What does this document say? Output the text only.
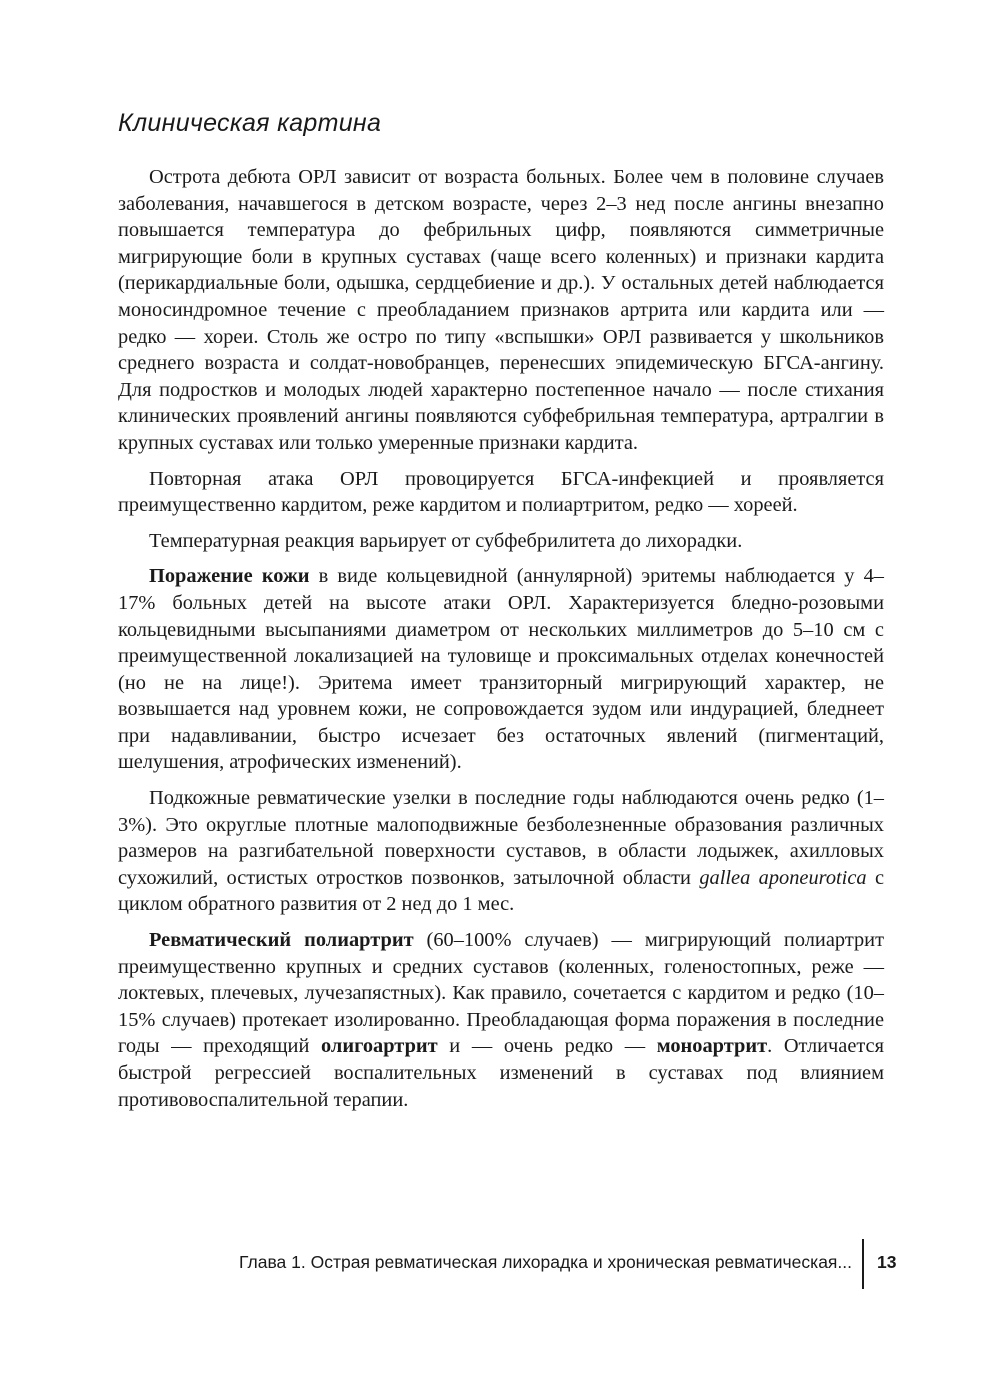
Клиническая картина

Острота дебюта ОРЛ зависит от возраста больных. Более чем в половине случаев заболевания, начавшегося в детском возрасте, через 2–3 нед после ангины внезапно повышается температура до фебрильных цифр, появляются симметричные мигрирующие боли в крупных суставах (чаще всего коленных) и признаки кардита (перикардиальные боли, одышка, сердцебиение и др.). У остальных детей наблюдается моносиндромное течение с преобладанием признаков артрита или кардита или — редко — хореи. Столь же остро по типу «вспышки» ОРЛ развивается у школьников среднего возраста и солдат-новобранцев, перенесших эпидемическую БГСА-ангину. Для подростков и молодых людей характерно постепенное начало — после стихания клинических проявлений ангины появляются субфебрильная температура, артралгии в крупных суставах или только умеренные признаки кардита.

Повторная атака ОРЛ провоцируется БГСА-инфекцией и проявляется преимущественно кардитом, реже кардитом и полиартритом, редко — хореей.

Температурная реакция варьирует от субфебрилитета до лихорадки.

Поражение кожи в виде кольцевидной (аннулярной) эритемы наблюдается у 4–17% больных детей на высоте атаки ОРЛ. Характеризуется бледно-розовыми кольцевидными высыпаниями диаметром от нескольких миллиметров до 5–10 см с преимущественной локализацией на туловище и проксимальных отделах конечностей (но не на лице!). Эритема имеет транзиторный мигрирующий характер, не возвышается над уровнем кожи, не сопровождается зудом или индурацией, бледнеет при надавливании, быстро исчезает без остаточных явлений (пигментаций, шелушения, атрофических изменений).

Подкожные ревматические узелки в последние годы наблюдаются очень редко (1–3%). Это округлые плотные малоподвижные безболезненные образования различных размеров на разгибательной поверхности суставов, в области лодыжек, ахилловых сухожилий, остистых отростков позвонков, затылочной области gallea aponeurotica с циклом обратного развития от 2 нед до 1 мес.

Ревматический полиартрит (60–100% случаев) — мигрирующий полиартрит преимущественно крупных и средних суставов (коленных, голеностопных, реже — локтевых, плечевых, лучезапястных). Как правило, сочетается с кардитом и редко (10–15% случаев) протекает изолированно. Преобладающая форма поражения в последние годы — преходящий олигоартрит и — очень редко — моноартрит. Отличается быстрой регрессией воспалительных изменений в суставах под влиянием противовоспалительной терапии.

Глава 1. Острая ревматическая лихорадка и хроническая ревматическая... 13
